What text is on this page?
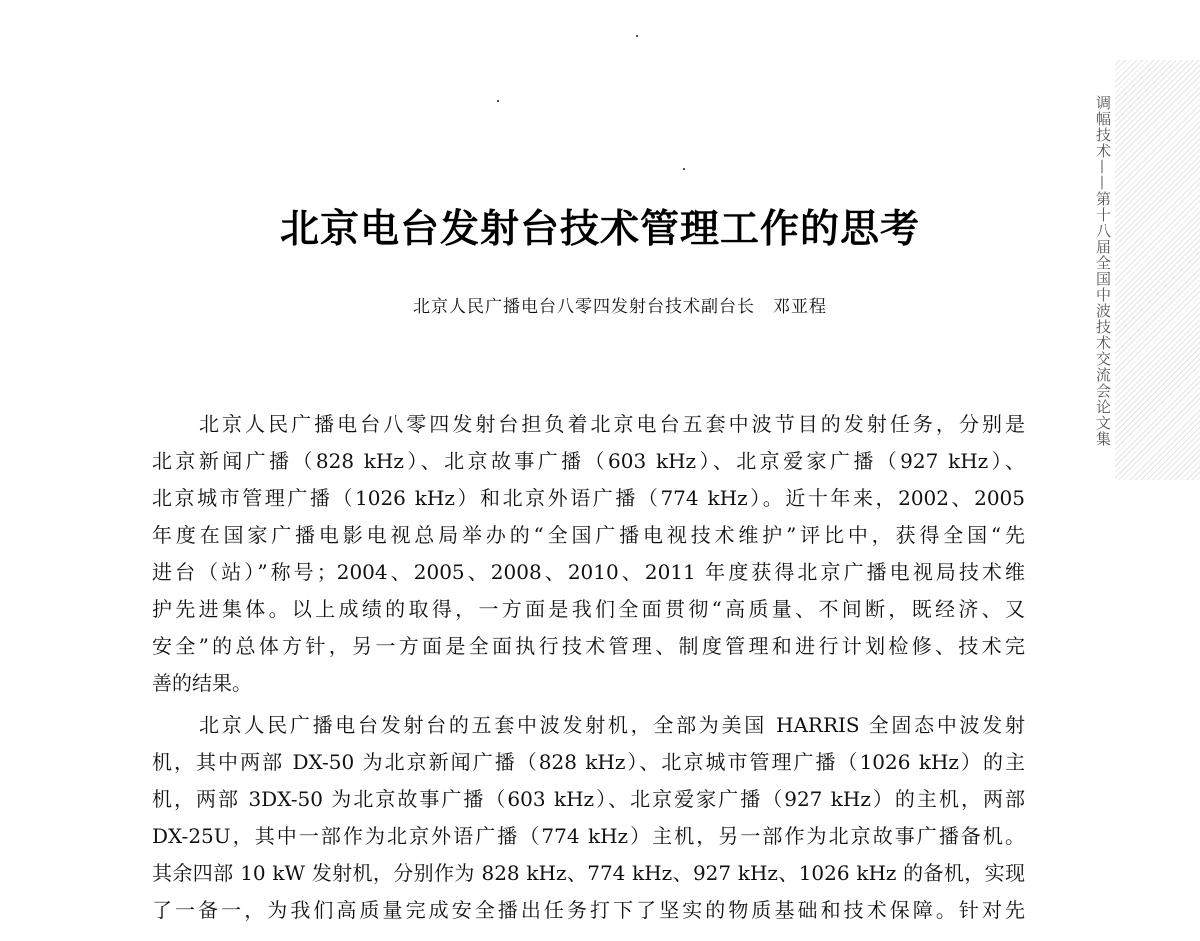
调幅技术——第十八届全国中波技术交流会论文集
北京电台发射台技术管理工作的思考
北京人民广播电台八零四发射台技术副台长　邓亚程
北京人民广播电台八零四发射台担负着北京电台五套中波节目的发射任务，分别是
北京新闻广播（828 kHz）、北京故事广播（603 kHz）、北京爱家广播（927 kHz）、
北京城市管理广播（1026 kHz）和北京外语广播（774 kHz）。近十年来，2002、2005
年度在国家广播电影电视总局举办的“全国广播电视技术维护”评比中，获得全国“先
进台（站）”称号；2004、2005、2008、2010、2011 年度获得北京广播电视局技术维
护先进集体。以上成绩的取得，一方面是我们全面贯彻“高质量、不间断，既经济、又
安全”的总体方针，另一方面是全面执行技术管理、制度管理和进行计划检修、技术完
善的结果。
北京人民广播电台发射台的五套中波发射机，全部为美国 HARRIS 全固态中波发射
机，其中两部 DX-50 为北京新闻广播（828 kHz）、北京城市管理广播（1026 kHz）的主
机，两部 3DX-50 为北京故事广播（603 kHz）、北京爱家广播（927 kHz）的主机，两部
DX-25U，其中一部作为北京外语广播（774 kHz）主机，另一部作为北京故事广播备机。
其余四部 10 kW 发射机，分别作为 828 kHz、774 kHz、927 kHz、1026 kHz 的备机，实现
了一备一，为我们高质量完成安全播出任务打下了坚实的物质基础和技术保障。针对先
